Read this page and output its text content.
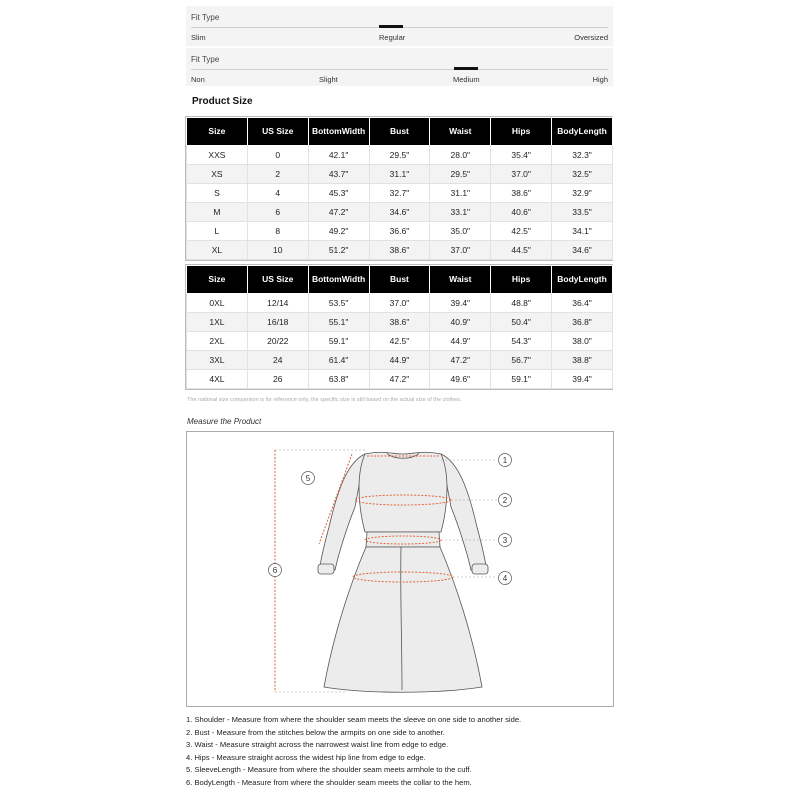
Fit Type
Slim	Regular	Oversized
Fit Type
Non	Slight	Medium	High
Product Size
Size	US Size	BottomWidth	Bust	Waist	Hips	BodyLength
XXS	0	42.1"	29.5"	28.0"	35.4"	32.3"
XS	2	43.7"	31.1"	29.5"	37.0"	32.5"
S	4	45.3"	32.7"	31.1"	38.6"	32.9"
M	6	47.2"	34.6"	33.1"	40.6"	33.5"
L	8	49.2"	36.6"	35.0"	42.5"	34.1"
XL	10	51.2"	38.6"	37.0"	44.5"	34.6"
Size	US Size	BottomWidth	Bust	Waist	Hips	BodyLength
0XL	12/14	53.5"	37.0"	39.4"	48.8"	36.4"
1XL	16/18	55.1"	38.6"	40.9"	50.4"	36.8"
2XL	20/22	59.1"	42.5"	44.9"	54.3"	38.0"
3XL	24	61.4"	44.9"	47.2"	56.7"	38.8"
4XL	26	63.8"	47.2"	49.6"	59.1"	39.4"
The national size comparison is for reference only, the specific size is still based on the actual size of the clothes.
Measure the Product
1
2
3
4
5
6
1. Shoulder - Measure from where the shoulder seam meets the sleeve on one side to another side.
2. Bust - Measure from the stitches below the armpits on one side to another.
3. Waist - Measure straight across the narrowest waist line from edge to edge.
4. Hips - Measure straight across the widest hip line from edge to edge.
5. SleeveLength - Measure from where the shoulder seam meets armhole to the cuff.
6. BodyLength - Measure from where the shoulder seam meets the collar to the hem.
